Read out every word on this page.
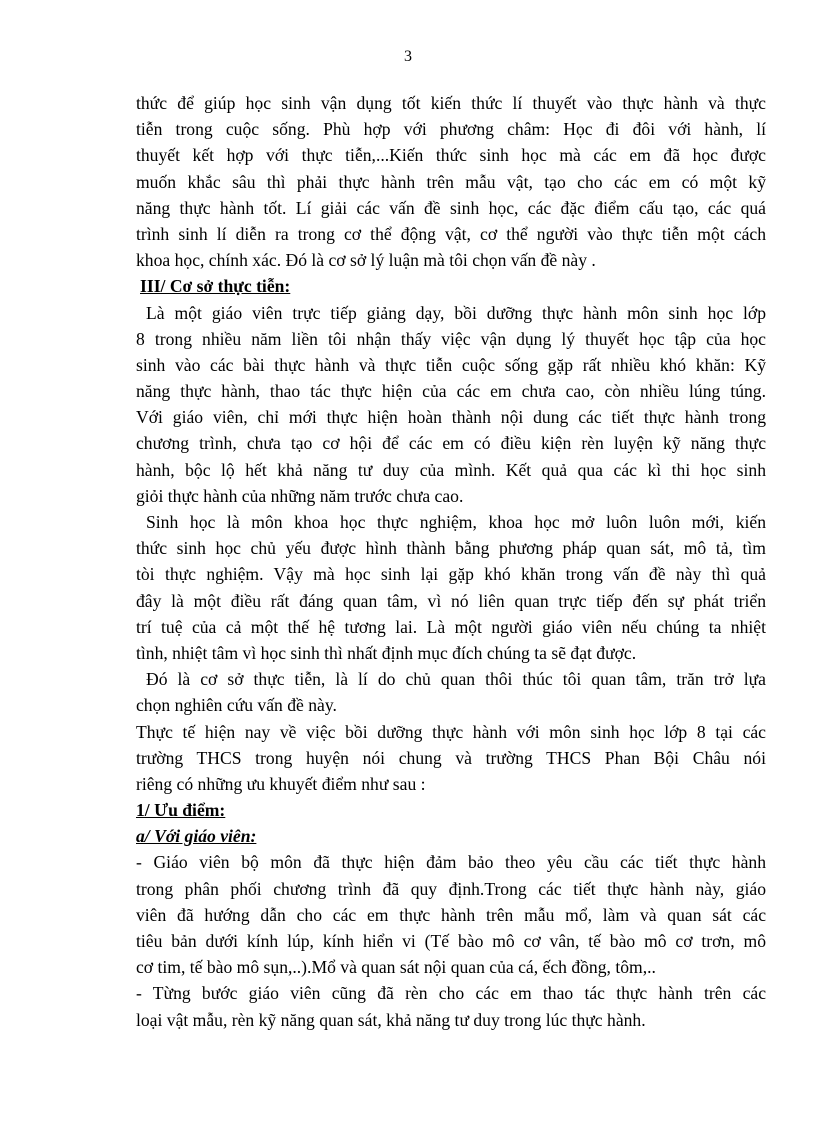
3
thức để giúp học sinh vận dụng tốt kiến thức lí thuyết vào thực hành và thực
tiễn trong cuộc sống. Phù hợp với phương châm: Học đi đôi với hành, lí
thuyết kết hợp với thực tiễn,...Kiến thức sinh học mà các em đã học được
muốn khắc sâu thì phải thực hành trên mẫu vật, tạo cho các em có một kỹ
năng thực hành tốt. Lí giải các vấn đề sinh học, các đặc điểm cấu tạo, các quá
trình sinh lí diễn ra trong cơ thể động vật, cơ thể người vào thực tiễn một cách
khoa học, chính xác. Đó là cơ sở lý luận mà tôi chọn vấn đề này .
III/ Cơ sở thực tiễn:
Là một giáo viên trực tiếp giảng dạy, bồi dưỡng thực hành môn sinh học lớp
8 trong nhiều năm liền tôi nhận thấy việc vận dụng lý thuyết học tập của học
sinh vào các bài thực hành và thực tiễn cuộc sống gặp rất nhiều khó khăn: Kỹ
năng thực hành, thao tác thực hiện của các em chưa cao, còn nhiều lúng túng.
Với giáo viên, chỉ mới thực hiện hoàn thành nội dung các tiết thực hành trong
chương trình, chưa tạo cơ hội để các em có điều kiện rèn luyện kỹ năng thực
hành, bộc lộ hết khả năng tư duy của mình. Kết quả qua các kì thi học sinh
giỏi thực hành của những năm trước chưa cao.
Sinh học là môn khoa học thực nghiệm, khoa học mở luôn luôn mới, kiến
thức sinh học chủ yếu được hình thành bằng phương pháp quan sát, mô tả, tìm
tòi thực nghiệm. Vậy mà học sinh lại gặp khó khăn trong vấn đề này thì quả
đây là một điều rất đáng quan tâm, vì nó liên quan trực tiếp đến sự phát triển
trí tuệ của cả một thế hệ tương lai. Là một người giáo viên nếu chúng ta nhiệt
tình, nhiệt tâm vì học sinh thì nhất định mục đích chúng ta sẽ đạt được.
Đó là cơ sở thực tiễn, là lí do chủ quan thôi thúc tôi quan tâm, trăn trở lựa
chọn nghiên cứu vấn đề này.
Thực tế hiện nay về việc bồi dưỡng thực hành với môn sinh học lớp 8 tại các
trường THCS trong huyện nói chung và trường THCS Phan Bội Châu nói
riêng có những ưu khuyết điểm như sau :
1/ Ưu điểm:
a/ Với giáo viên:
- Giáo viên bộ môn đã thực hiện đảm bảo theo yêu cầu các tiết thực hành
trong phân phối chương trình đã quy định.Trong các tiết thực hành này, giáo
viên đã hướng dẫn cho các em thực hành trên mẫu mổ, làm và quan sát các
tiêu bản dưới kính lúp, kính hiển vi (Tế bào mô cơ vân, tế bào mô cơ trơn, mô
cơ tim, tế bào mô sụn,..).Mổ và quan sát nội quan của cá, ếch đồng, tôm,..
- Từng bước giáo viên cũng đã rèn cho các em thao tác thực hành trên các
loại vật mẫu, rèn kỹ năng quan sát, khả năng tư duy trong lúc thực hành.
